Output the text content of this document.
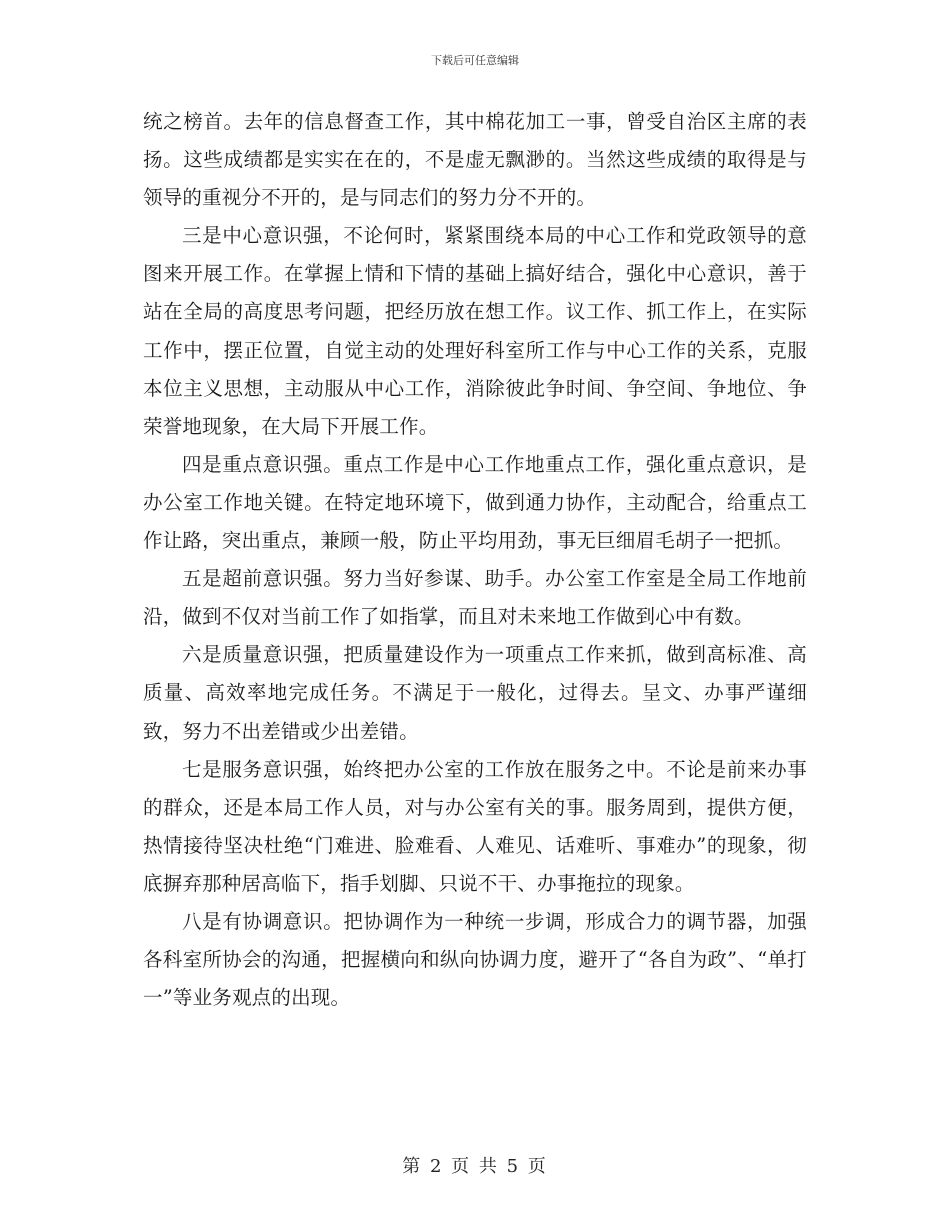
下载后可任意编辑

统之榜首。去年的信息督查工作，其中棉花加工一事，曾受自治区主席的表扬。这些成绩都是实实在在的，不是虚无飘渺的。当然这些成绩的取得是与领导的重视分不开的，是与同志们的努力分不开的。

三是中心意识强，不论何时，紧紧围绕本局的中心工作和党政领导的意图来开展工作。在掌握上情和下情的基础上搞好结合，强化中心意识，善于站在全局的高度思考问题，把经历放在想工作。议工作、抓工作上，在实际工作中，摆正位置，自觉主动的处理好科室所工作与中心工作的关系，克服本位主义思想，主动服从中心工作，消除彼此争时间、争空间、争地位、争荣誉地现象，在大局下开展工作。

四是重点意识强。重点工作是中心工作地重点工作，强化重点意识，是办公室工作地关键。在特定地环境下，做到通力协作，主动配合，给重点工作让路，突出重点，兼顾一般，防止平均用劲，事无巨细眉毛胡子一把抓。

五是超前意识强。努力当好参谋、助手。办公室工作室是全局工作地前沿，做到不仅对当前工作了如指掌，而且对未来地工作做到心中有数。

六是质量意识强，把质量建设作为一项重点工作来抓，做到高标准、高质量、高效率地完成任务。不满足于一般化，过得去。呈文、办事严谨细致，努力不出差错或少出差错。

七是服务意识强，始终把办公室的工作放在服务之中。不论是前来办事的群众，还是本局工作人员，对与办公室有关的事。服务周到，提供方便，热情接待坚决杜绝“门难进、脸难看、人难见、话难听、事难办”的现象，彻底摒弃那种居高临下，指手划脚、只说不干、办事拖拉的现象。

八是有协调意识。把协调作为一种统一步调，形成合力的调节器，加强各科室所协会的沟通，把握横向和纵向协调力度，避开了“各自为政”、“单打一”等业务观点的出现。

第 2 页 共 5 页
